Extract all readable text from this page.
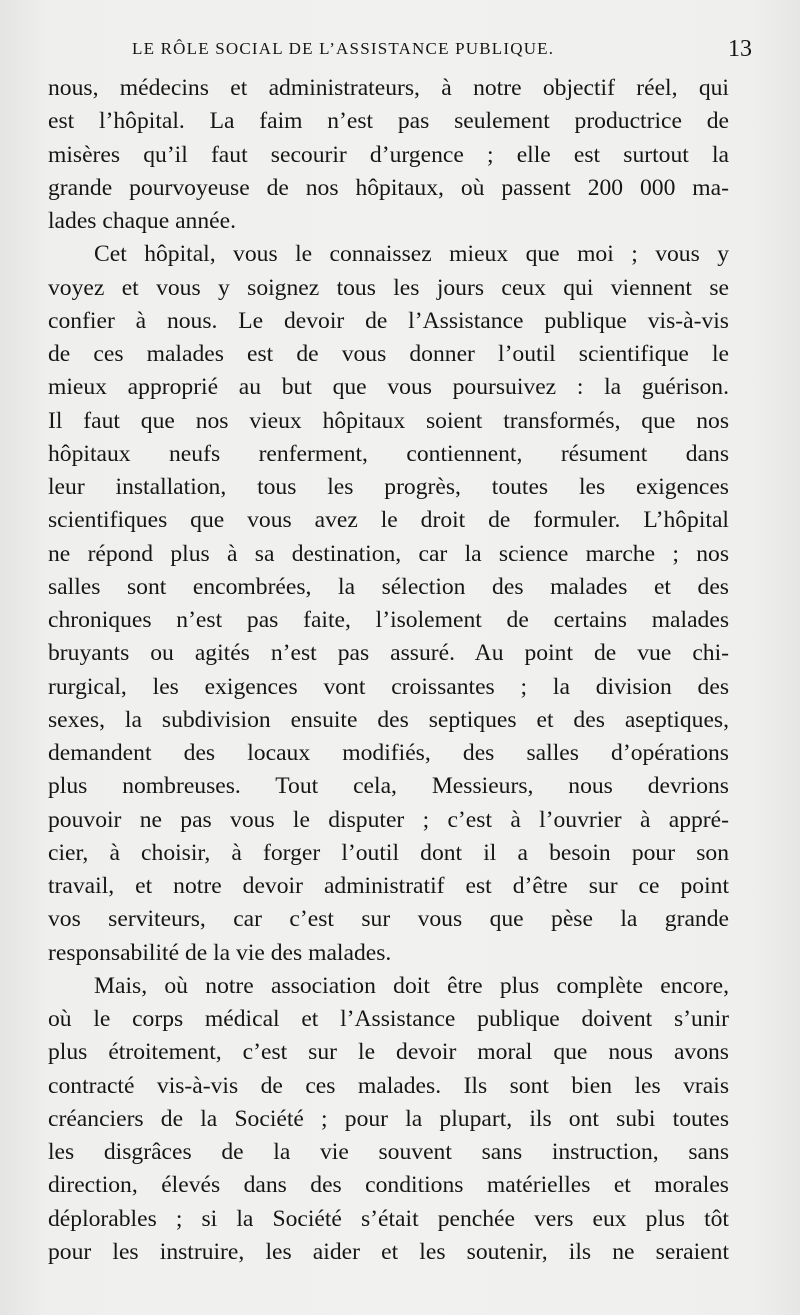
LE RÔLE SOCIAL DE L’ASSISTANCE PUBLIQUE.	13
nous, médecins et administrateurs, à notre objectif réel, qui
est l’hôpital. La faim n’est pas seulement productrice de
misères qu’il faut secourir d’urgence ; elle est surtout la
grande pourvoyeuse de nos hôpitaux, où passent 200 000 ma-
lades chaque année.
Cet hôpital, vous le connaissez mieux que moi ; vous y
voyez et vous y soignez tous les jours ceux qui viennent se
confier à nous. Le devoir de l’Assistance publique vis-à-vis
de ces malades est de vous donner l’outil scientifique le
mieux approprié au but que vous poursuivez : la guérison.
Il faut que nos vieux hôpitaux soient transformés, que nos
hôpitaux neufs renferment, contiennent, résument dans
leur installation, tous les progrès, toutes les exigences
scientifiques que vous avez le droit de formuler. L’hôpital
ne répond plus à sa destination, car la science marche ; nos
salles sont encombrées, la sélection des malades et des
chroniques n’est pas faite, l’isolement de certains malades
bruyants ou agités n’est pas assuré. Au point de vue chi-
rurgical, les exigences vont croissantes ; la division des
sexes, la subdivision ensuite des septiques et des aseptiques,
demandent des locaux modifiés, des salles d’opérations
plus nombreuses. Tout cela, Messieurs, nous devrions
pouvoir ne pas vous le disputer ; c’est à l’ouvrier à appré-
cier, à choisir, à forger l’outil dont il a besoin pour son
travail, et notre devoir administratif est d’être sur ce point
vos serviteurs, car c’est sur vous que pèse la grande
responsabilité de la vie des malades.
Mais, où notre association doit être plus complète encore,
où le corps médical et l’Assistance publique doivent s’unir
plus étroitement, c’est sur le devoir moral que nous avons
contracté vis-à-vis de ces malades. Ils sont bien les vrais
créanciers de la Société ; pour la plupart, ils ont subi toutes
les disgrâces de la vie souvent sans instruction, sans
direction, élevés dans des conditions matérielles et morales
déplorables ; si la Société s’était penchée vers eux plus tôt
pour les instruire, les aider et les soutenir, ils ne seraient
